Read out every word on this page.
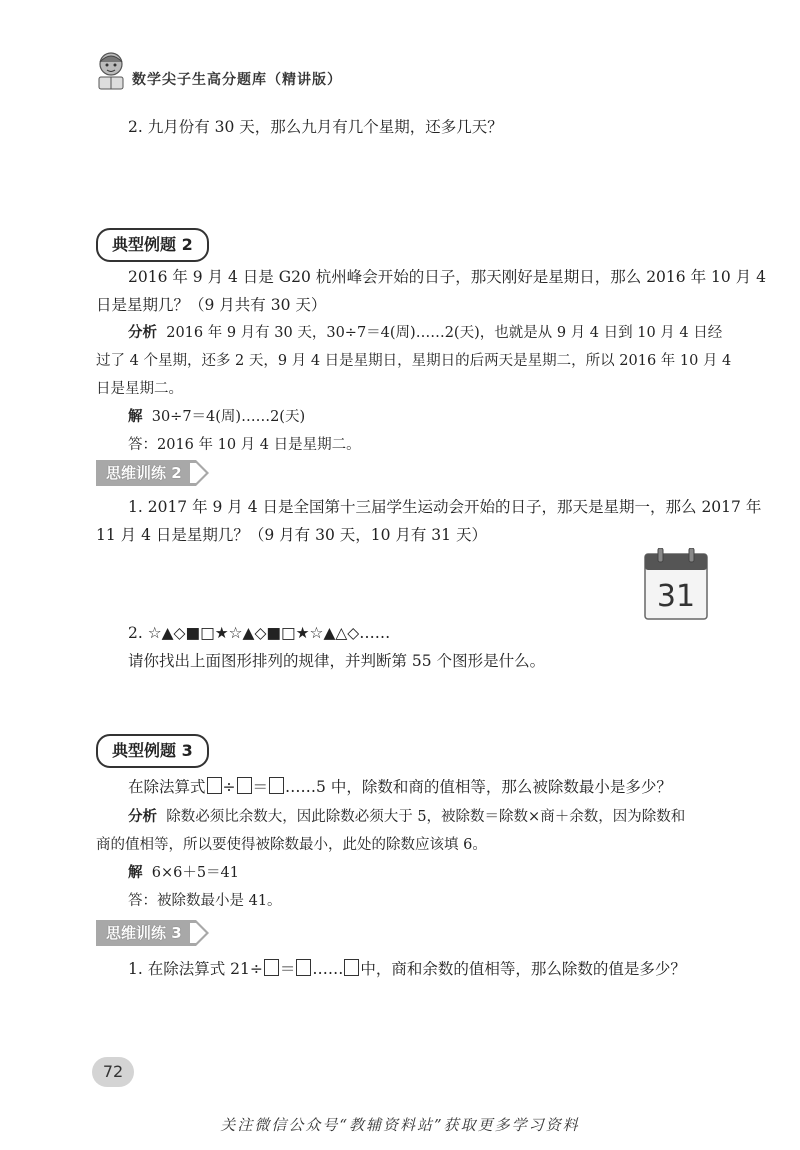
数学尖子生高分题库（精讲版）
2. 九月份有 30 天，那么九月有几个星期，还多几天？
典型例题 2
2016 年 9 月 4 日是 G20 杭州峰会开始的日子，那天刚好是星期日，那么 2016 年 10 月 4
日是星期几？（9 月共有 30 天）
分析 2016 年 9 月有 30 天，30÷7＝4(周)……2(天)，也就是从 9 月 4 日到 10 月 4 日经
过了 4 个星期，还多 2 天，9 月 4 日是星期日，星期日的后两天是星期二，所以 2016 年 10 月 4
日是星期二。
解 30÷7＝4(周)……2(天)
答：2016 年 10 月 4 日是星期二。
思维训练 2
1. 2017 年 9 月 4 日是全国第十三届学生运动会开始的日子，那天是星期一，那么 2017 年
11 月 4 日是星期几？（9 月有 30 天，10 月有 31 天）
31
2. ☆▲◇■□★☆▲◇■□★☆▲△◇……
请你找出上面图形排列的规律，并判断第 55 个图形是什么。
典型例题 3
在除法算式 ÷ ＝ ……5 中，除数和商的值相等，那么被除数最小是多少？
分析 除数必须比余数大，因此除数必须大于 5，被除数＝除数×商＋余数，因为除数和
商的值相等，所以要使得被除数最小，此处的除数应该填 6。
解 6×6＋5＝41
答：被除数最小是 41。
思维训练 3
1. 在除法算式 21÷ ＝ …… 中，商和余数的值相等，那么除数的值是多少？
72
关注微信公众号“教辅资料站”获取更多学习资料
